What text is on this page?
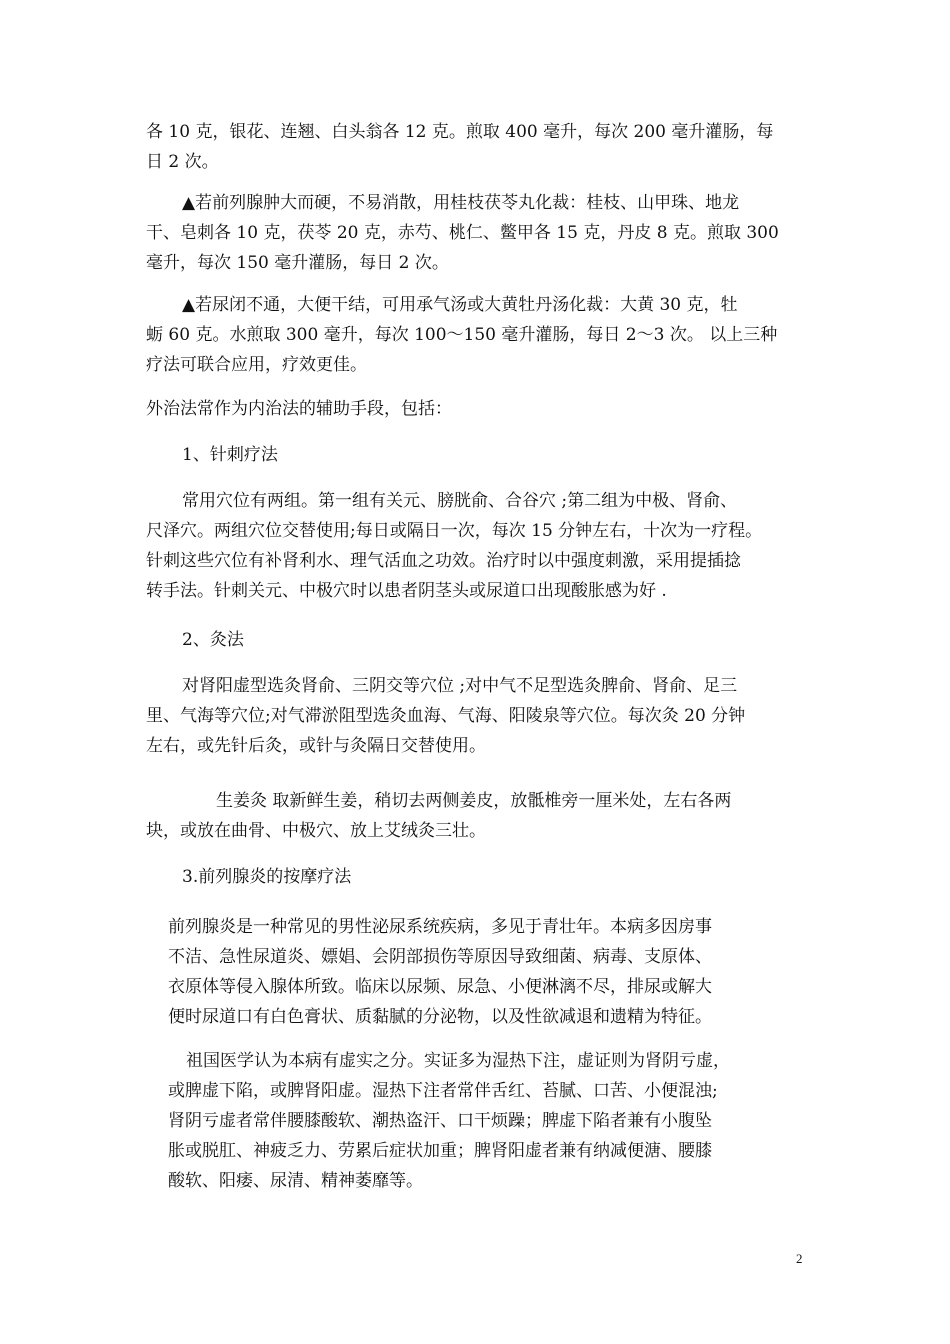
各 10 克，银花、连翘、白头翁各 12 克。煎取 400 毫升，每次 200 毫升灌肠，每
日 2 次。
▲若前列腺肿大而硬，不易消散，用桂枝茯苓丸化裁：桂枝、山甲珠、地龙
干、皂刺各 10 克，茯苓 20 克，赤芍、桃仁、鳖甲各 15 克，丹皮 8 克。煎取 300
毫升，每次 150 毫升灌肠，每日 2 次。
▲若尿闭不通，大便干结，可用承气汤或大黄牡丹汤化裁：大黄 30 克，牡
蛎 60 克。水煎取 300 毫升，每次 100～150 毫升灌肠，每日 2～3 次。 以上三种
疗法可联合应用，疗效更佳。
外治法常作为内治法的辅助手段，包括：
1、针刺疗法
常用穴位有两组。第一组有关元、膀胱俞、合谷穴 ;第二组为中极、肾俞、
尺泽穴。两组穴位交替使用;每日或隔日一次，每次 15 分钟左右，十次为一疗程。
针刺这些穴位有补肾利水、理气活血之功效。治疗时以中强度刺激，采用提插捻
转手法。针刺关元、中极穴时以患者阴茎头或尿道口出现酸胀感为好 .
2、灸法
对肾阳虚型选灸肾俞、三阴交等穴位 ;对中气不足型选灸脾俞、肾俞、足三
里、气海等穴位;对气滞淤阻型选灸血海、气海、阳陵泉等穴位。每次灸 20 分钟
左右，或先针后灸，或针与灸隔日交替使用。
生姜灸 取新鲜生姜，稍切去两侧姜皮，放骶椎旁一厘米处，左右各两
块，或放在曲骨、中极穴、放上艾绒灸三壮。
3.前列腺炎的按摩疗法
前列腺炎是一种常见的男性泌尿系统疾病，多见于青壮年。本病多因房事
不洁、急性尿道炎、嫖娼、会阴部损伤等原因导致细菌、病毒、支原体、
衣原体等侵入腺体所致。临床以尿频、尿急、小便淋漓不尽，排尿或解大
便时尿道口有白色膏状、质黏腻的分泌物，以及性欲减退和遗精为特征。
祖国医学认为本病有虚实之分。实证多为湿热下注，虚证则为肾阴亏虚，
或脾虚下陷，或脾肾阳虚。湿热下注者常伴舌红、苔腻、口苦、小便混浊;
肾阴亏虚者常伴腰膝酸软、潮热盗汗、口干烦躁；脾虚下陷者兼有小腹坠
胀或脱肛、神疲乏力、劳累后症状加重；脾肾阳虚者兼有纳减便溏、腰膝
酸软、阳痿、尿清、精神萎靡等。
2
